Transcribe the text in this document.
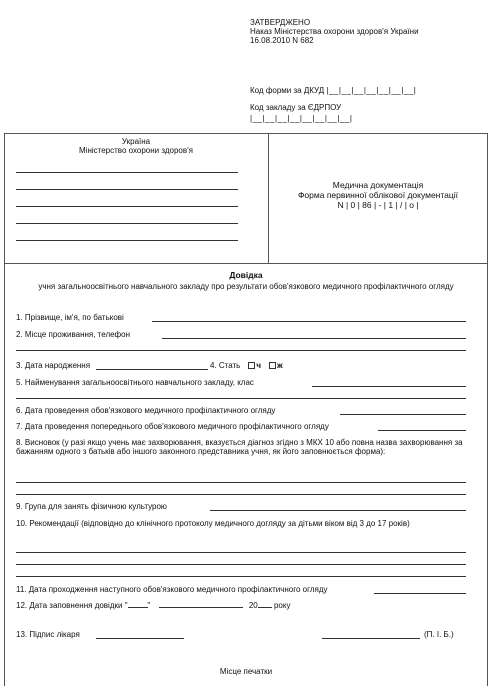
ЗАТВЕРДЖЕНО
Наказ Міністерства охорони здоров'я України
16.08.2010 N 682
Код форми за ДКУД |__|__|__|__|__|__|__|
Код закладу за ЄДРПОУ
|__|__|__|__|__|__|__|__|
Україна
Міністерство охорони здоров'я
Медична документація
Форма первинної облікової документації
N | 0 | 86 | - | 1 | / | о |
Довідка
учня загальноосвітнього навчального закладу про результати обов'язкового медичного профілактичного огляду
1. Прізвище, ім'я, по батькові
2. Місце проживання, телефон
3. Дата народження	4. Стать ч ж
5. Найменування загальноосвітнього навчального закладу, клас
6. Дата проведення обов'язкового медичного профілактичного огляду
7. Дата проведення попереднього обов'язкового медичного профілактичного огляду
8. Висновок (у разі якщо учень має захворювання, вказується діагноз згідно з МКХ 10 або повна назва захворювання за бажанням одного з батьків або іншого законного представника учня, як його заповнюється форма):
9. Група для занять фізичною культурою
10. Рекомендації (відповідно до клінічного протоколу медичного догляду за дітьми віком від 3 до 17 років)
11. Дата проходження наступного обов'язкового медичного профілактичного огляду
12. Дата заповнення довідки "	"	20 року
13. Підпис лікаря	(П. І. Б.)
Місце печатки
